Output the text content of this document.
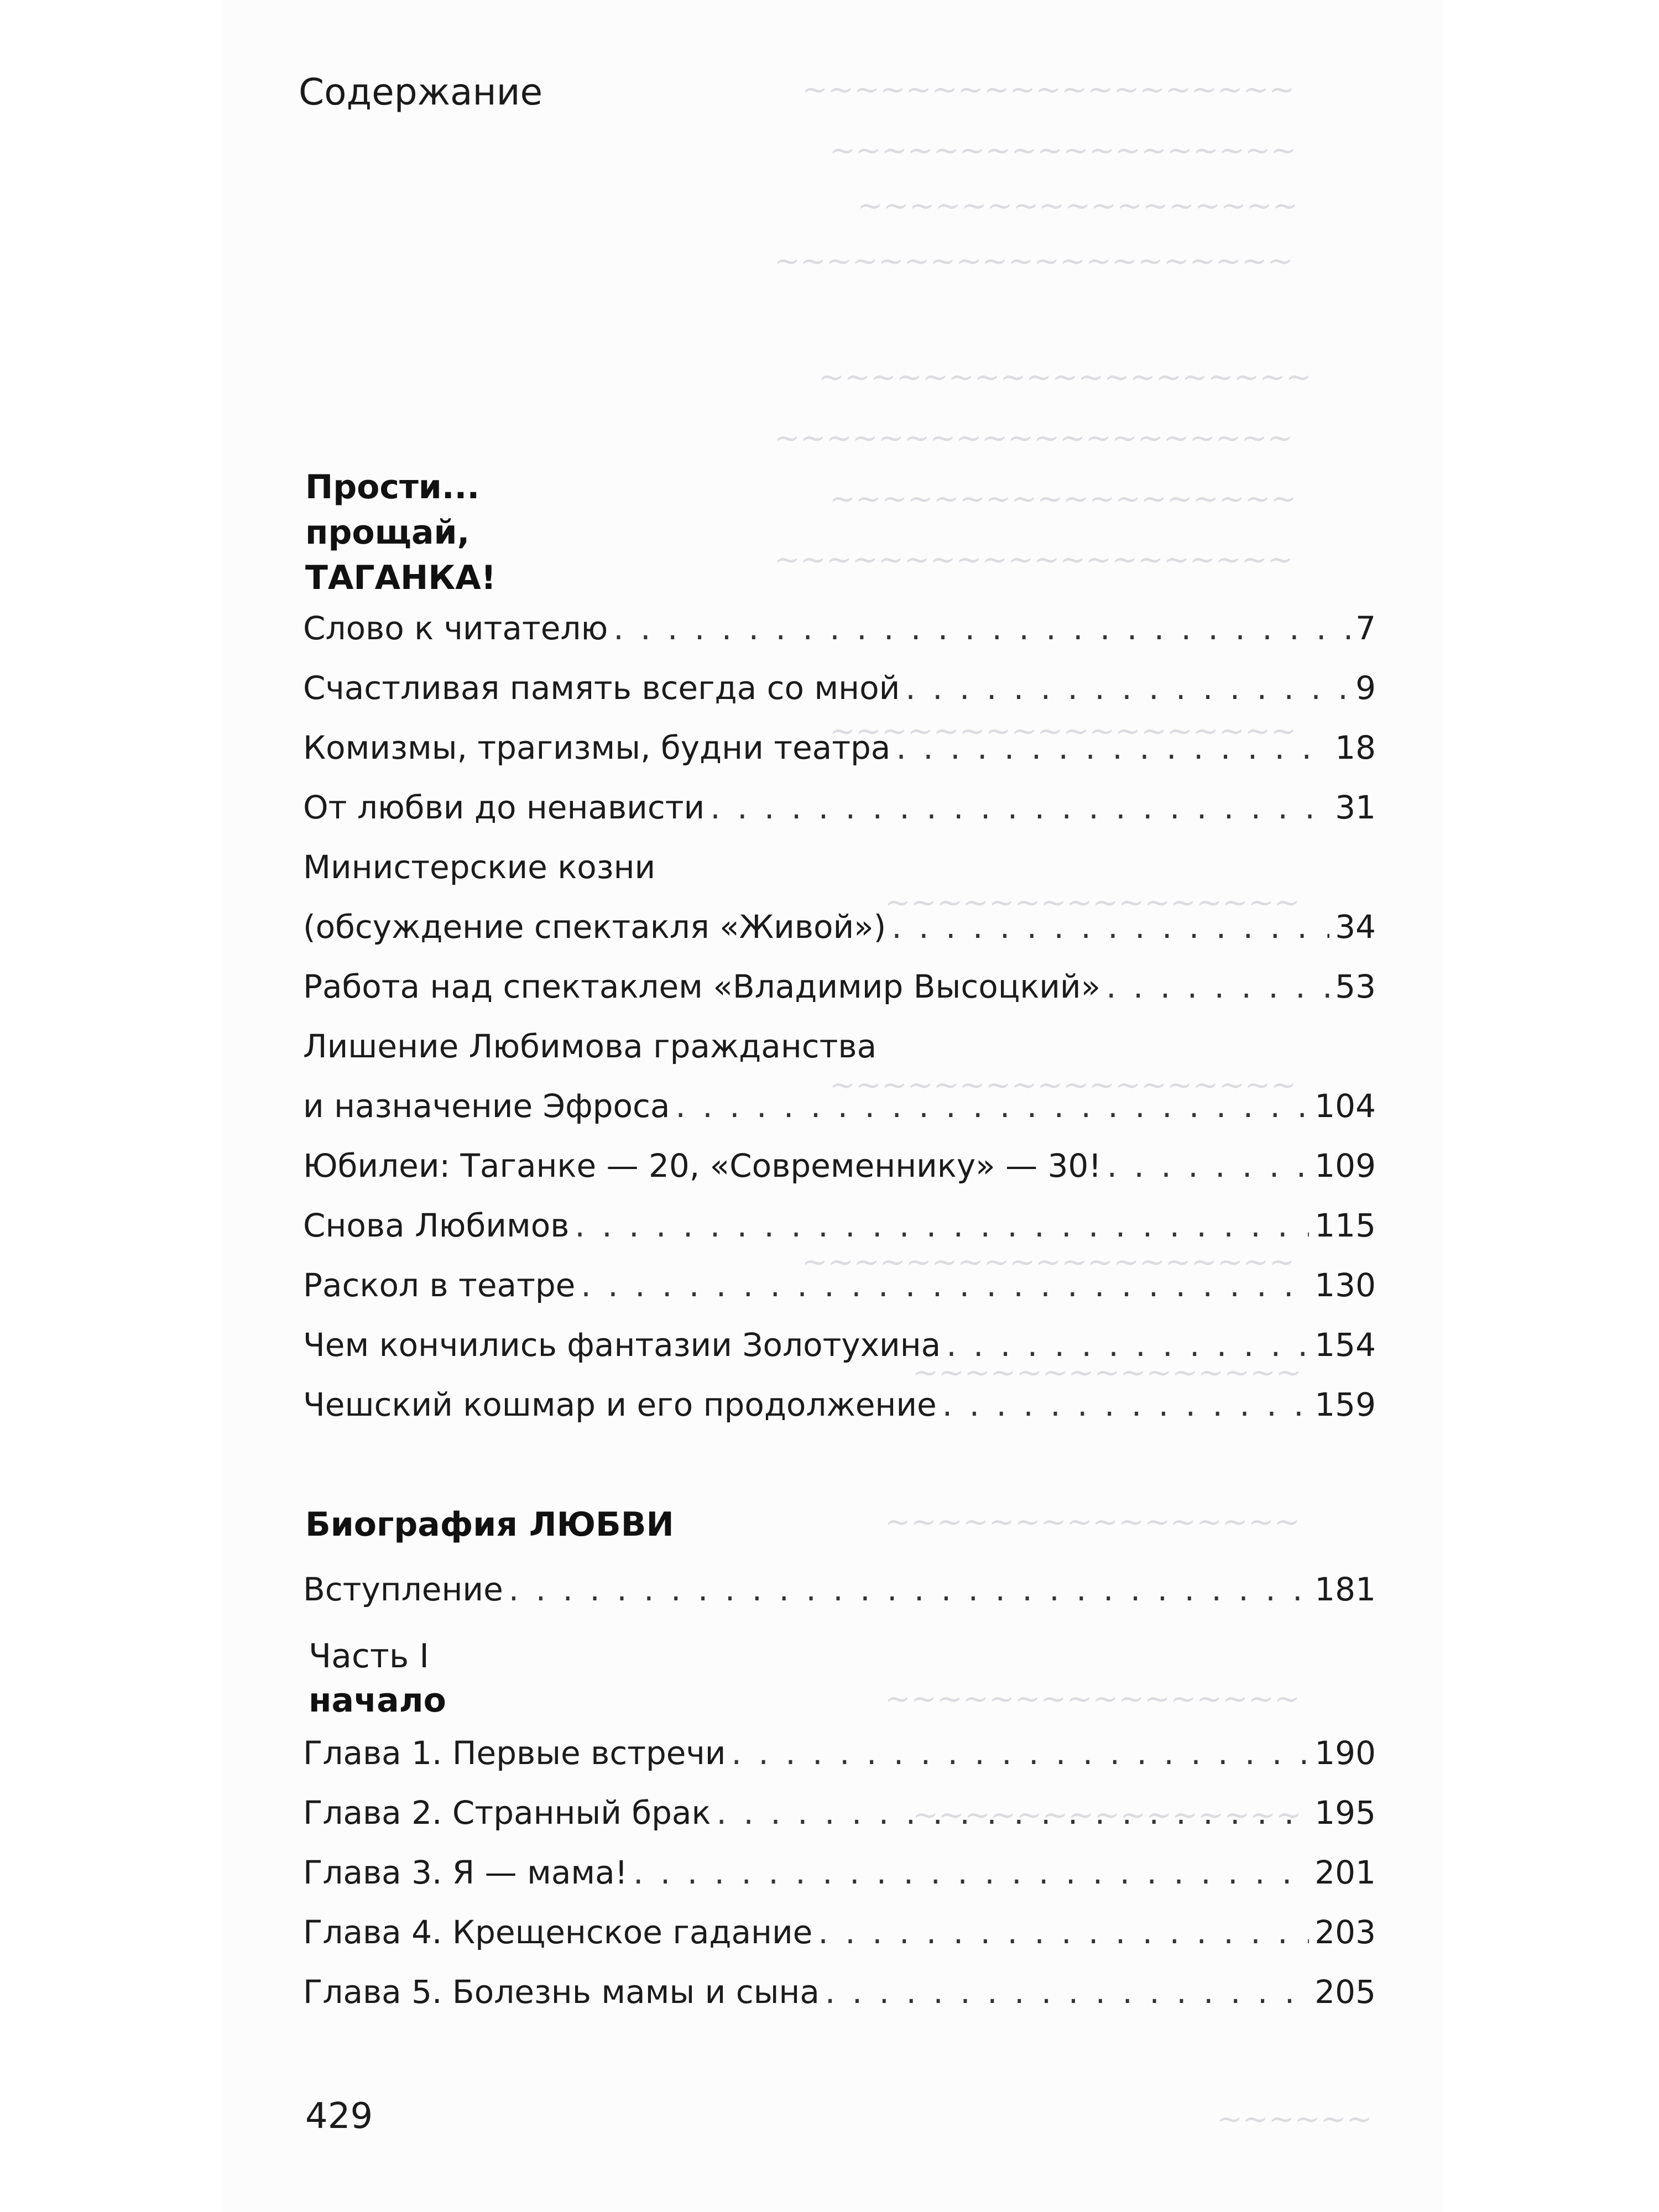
~~~~~~~~~~~~~~~~~~~
~~~~~~~~~~~~~~~~~~
~~~~~~~~~~~~~~~~~
~~~~~~~~~~~~~~~~~~~~
~~~~~~~~~~~~~~~~~~~
~~~~~~~~~~~~~~~~~~~~
~~~~~~~~~~~~~~~~~~
~~~~~~~~~~~~~~~~~~~~
~~~~~~~~~~~~~~~~~~
~~~~~~~~~~~~~~~~
~~~~~~~~~~~~~~~~~~
~~~~~~~~~~~~~~~~~~~
~~~~~~~~~~~~~~~
~~~~~~~~~~~~~~~~
~~~~~~~~~~~~~~~~
~~~~~~~~~~~~~~~
~~~~~~
Содержание
Прости...
прощай,
ТАГАНКА!
Слово к читателю . . .	7
Счастливая память всегда со мной . . .	9
Комизмы, трагизмы, будни театра . . .	18
От любви до ненависти . . .	31
Министерские козни
(обсуждение спектакля «Живой») . . .	34
Работа над спектаклем «Владимир Высоцкий» . . .	53
Лишение Любимова гражданства
и назначение Эфроса . . .	104
Юбилеи: Таганке — 20, «Современнику» — 30! . . .	109
Снова Любимов . . .	115
Раскол в театре . . .	130
Чем кончились фантазии Золотухина . . .	154
Чешский кошмар и его продолжение . . .	159
Биография ЛЮБВИ
Вступление . . .	181
Часть I
начало
Глава 1. Первые встречи . . .	190
Глава 2. Странный брак . . .	195
Глава 3. Я — мама! . . .	201
Глава 4. Крещенское гадание . . .	203
Глава 5. Болезнь мамы и сына . . .	205
429
